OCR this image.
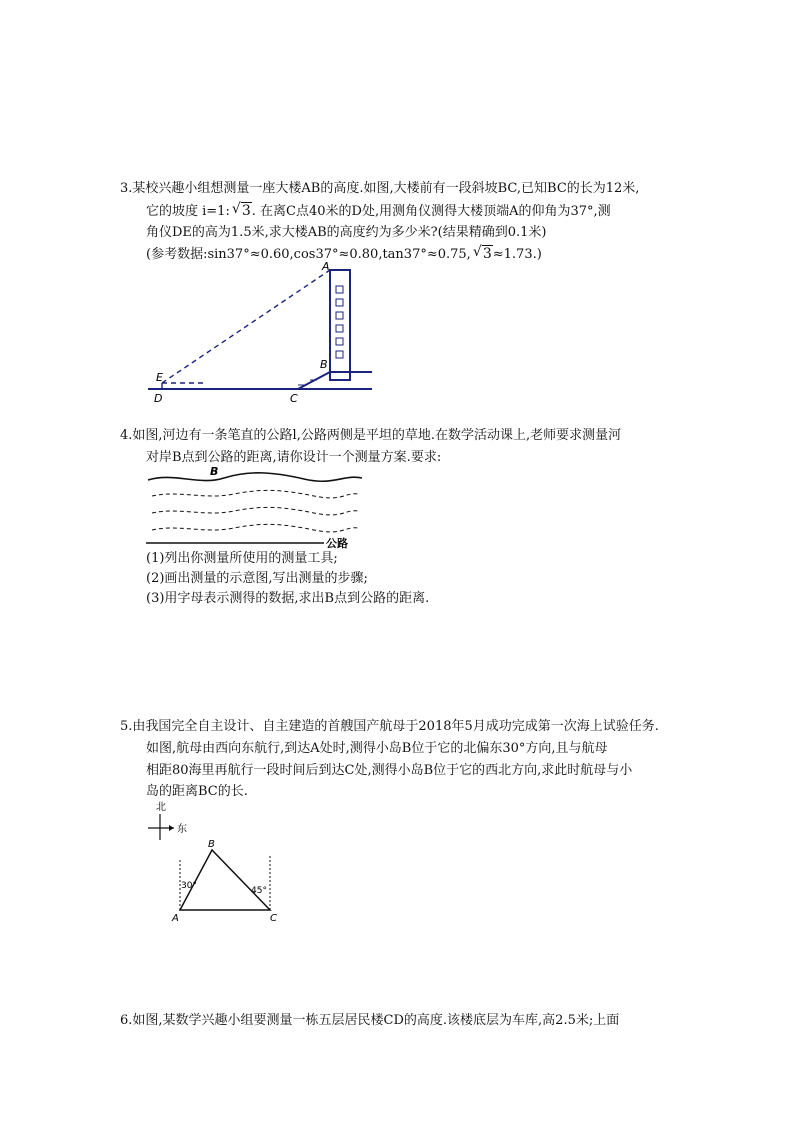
3.某校兴趣小组想测量一座大楼AB的高度.如图,大楼前有一段斜坡BC,已知BC的长为12米,
它的坡度 i=1: √ 3. 在离C点40米的D处,用测角仪测得大楼顶端A的仰角为37°,测
角仪DE的高为1.5米,求大楼AB的高度约为多少米?(结果精确到0.1米)
(参考数据:sin37°≈0.60,cos37°≈0.80,tan37°≈0.75, √ 3≈1.73.)
A
B
C
D
E
4.如图,河边有一条笔直的公路l,公路两侧是平坦的草地.在数学活动课上,老师要求测量河
对岸B点到公路的距离,请你设计一个测量方案.要求:
B
公路
(1)列出你测量所使用的测量工具;
(2)画出测量的示意图,写出测量的步骤;
(3)用字母表示测得的数据,求出B点到公路的距离.
5.由我国完全自主设计、自主建造的首艘国产航母于2018年5月成功完成第一次海上试验任务.
如图,航母由西向东航行,到达A处时,测得小岛B位于它的北偏东30°方向,且与航母
相距80海里再航行一段时间后到达C处,测得小岛B位于它的西北方向,求此时航母与小
岛的距离BC的长.
北
东
A
B
C
30°	45°
6.如图,某数学兴趣小组要测量一栋五层居民楼CD的高度.该楼底层为车库,高2.5米;上面
